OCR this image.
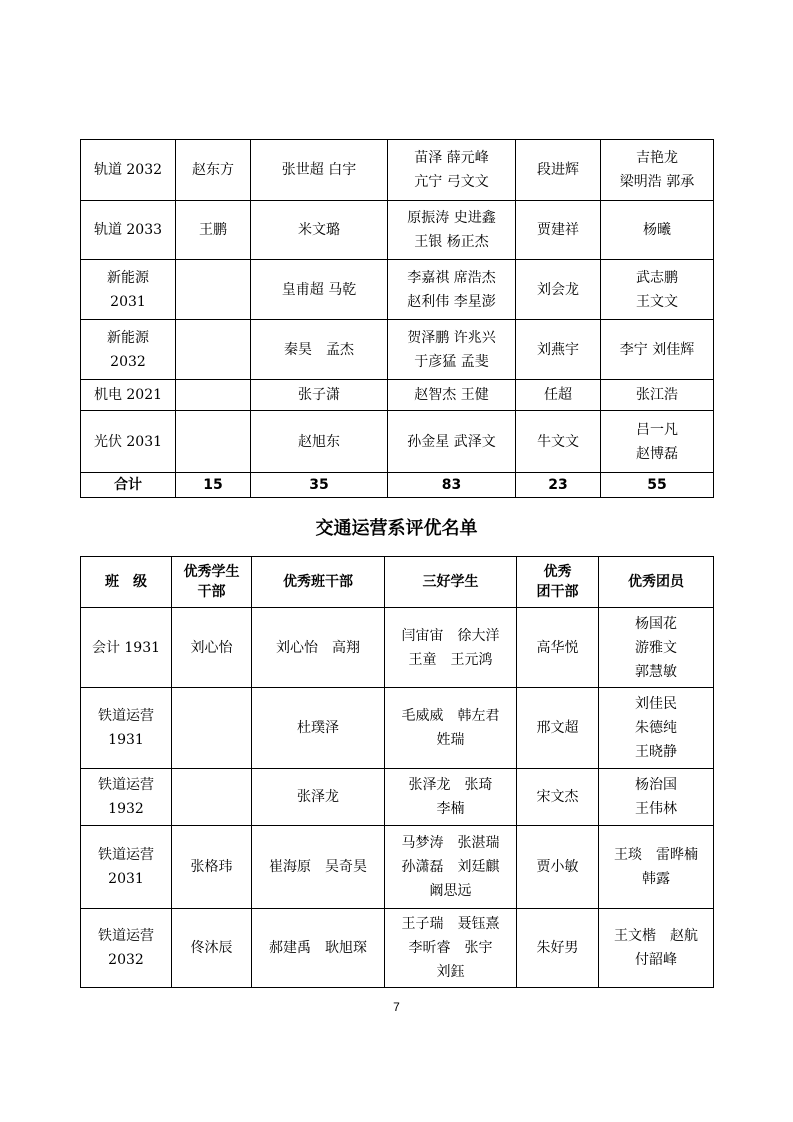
轨道 2032	赵东方	张世超 白宇	苗泽 薛元峰
亢宁 弓文文	段进辉	吉艳龙
梁明浩 郭承

轨道 2033	王鹏	米文璐	原振涛 史进鑫
王银 杨正杰	贾建祥	杨曦

新能源
2031		皇甫超 马乾	李嘉祺 席浩杰
赵利伟 李星澎	刘会龙	武志鹏
王文文

新能源
2032		秦昊　孟杰	贺泽鹏 许兆兴
于彦猛 孟斐	刘燕宇	李宁 刘佳辉

机电 2021		张子潇	赵智杰 王健	任超	张江浩

光伏 2031		赵旭东	孙金星 武泽文	牛文文	吕一凡
赵博磊

合计	15	35	83	23	55
交通运营系评优名单
班　级	优秀学生
干部	优秀班干部	三好学生	优秀
团干部	优秀团员

会计 1931	刘心怡	刘心怡　高翔	闫宙宙　徐大洋
王童　王元鸿	高华悦	杨国花
游雅文
郭慧敏

铁道运营
1931		杜璞泽	毛威威　韩左君
姓瑞	邢文超	刘佳民
朱德纯
王晓静

铁道运营
1932		张泽龙	张泽龙　张琦
李楠	宋文杰	杨治国
王伟林

铁道运营
2031	张格玮	崔海原　吴奇昊	马梦涛　张湛瑞
孙潇磊　刘廷麒
阚思远	贾小敏	王琰　雷晔楠
韩露

铁道运营
2032	佟沐辰	郝建禹　耿旭琛	王子瑞　聂钰熹
李昕睿　张宇
刘鈺	朱好男	王文楷　赵航
付韶峰
7
